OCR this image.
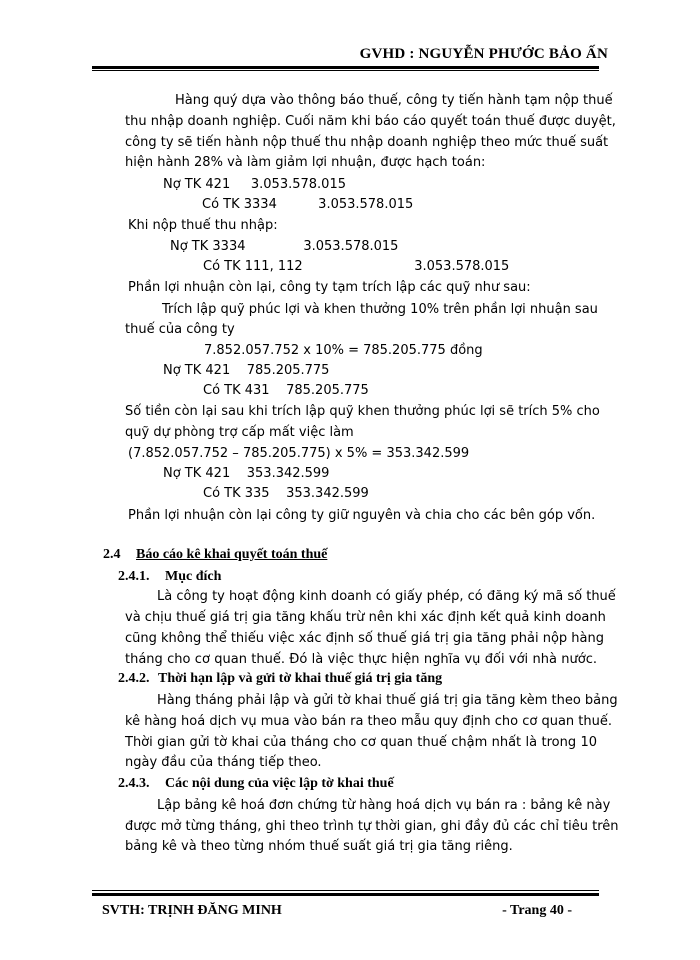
GVHD : NGUYỄN PHƯỚC BẢO ẤN
Hàng quý dựa vào thông báo thuế, công ty tiến hành tạm nộp thuế
thu nhập doanh nghiệp. Cuối năm khi báo cáo quyết toán thuế được duyệt,
công ty sẽ tiến hành nộp thuế thu nhập doanh nghiệp theo mức thuế suất
hiện hành 28% và làm giảm lợi nhuận, được hạch toán:
Nợ TK 421     3.053.578.015
Có TK 3334          3.053.578.015
Khi nộp thuế thu nhập:
Nợ TK 3334              3.053.578.015
Có TK 111, 112                           3.053.578.015
Phần lợi nhuận còn lại, công ty tạm trích lập các quỹ như sau:
Trích lập quỹ phúc lợi và khen thưởng 10% trên phần lợi nhuận sau
thuế của công ty
7.852.057.752 x 10% = 785.205.775 đồng
Nợ TK 421    785.205.775
Có TK 431    785.205.775
Số tiền còn lại sau khi trích lập quỹ khen thưởng phúc lợi sẽ trích 5% cho
quỹ dự phòng trợ cấp mất việc làm
(7.852.057.752 – 785.205.775) x 5% = 353.342.599
Nợ TK 421    353.342.599
Có TK 335    353.342.599
Phần lợi nhuận còn lại công ty giữ nguyên và chia cho các bên góp vốn.
2.4 Báo cáo kê khai quyết toán thuế
2.4.1. Mục đích
Là công ty hoạt động kinh doanh có giấy phép, có đăng ký mã số thuế
và chịu thuế giá trị gia tăng khấu trừ nên khi xác định kết quả kinh doanh
cũng không thể thiếu việc xác định số thuế giá trị gia tăng phải nộp hàng
tháng cho cơ quan thuế. Đó là việc thực hiện nghĩa vụ đối với nhà nước.
2.4.2. Thời hạn lập và gửi tờ khai thuế giá trị gia tăng
Hàng tháng phải lập và gửi tờ khai thuế giá trị gia tăng kèm theo bảng
kê hàng hoá dịch vụ mua vào bán ra theo mẫu quy định cho cơ quan thuế.
Thời gian gửi tờ khai của tháng cho cơ quan thuế chậm nhất là trong 10
ngày đầu của tháng tiếp theo.
2.4.3. Các nội dung của việc lập tờ khai thuế
Lập bảng kê hoá đơn chứng từ hàng hoá dịch vụ bán ra : bảng kê này
được mở từng tháng, ghi theo trình tự thời gian, ghi đầy đủ các chỉ tiêu trên
bảng kê và theo từng nhóm thuế suất giá trị gia tăng riêng.
SVTH: TRỊNH ĐĂNG MINH	- Trang 40 -
